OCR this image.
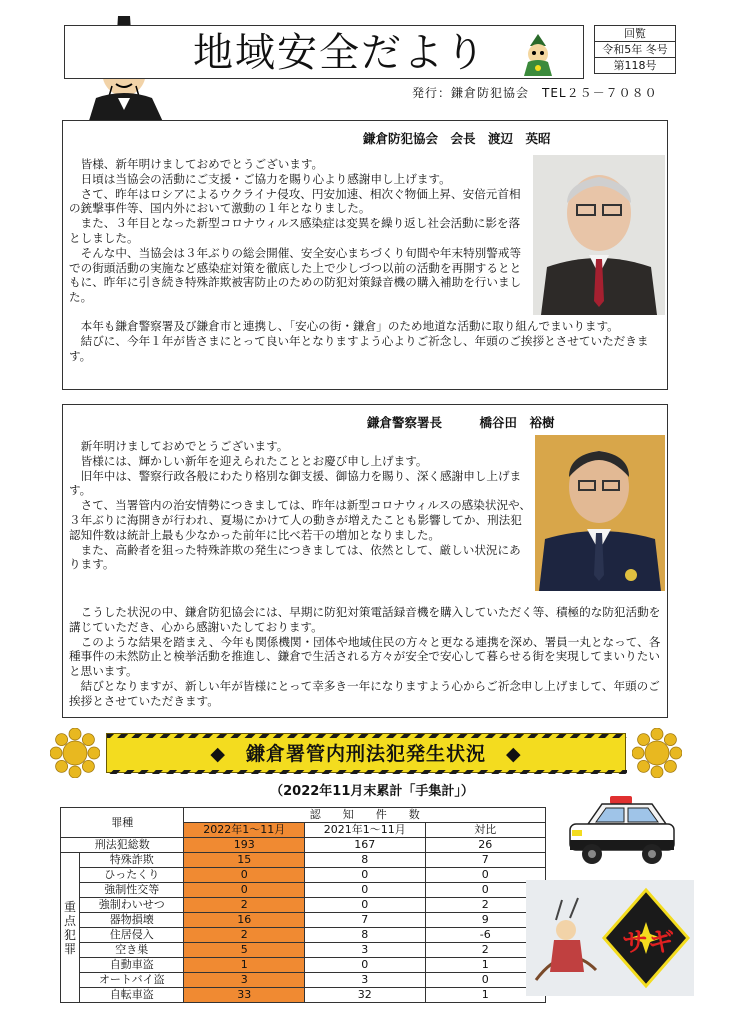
地域安全だより	回覧
令和5年 冬号
第118号
発行：鎌倉防犯協会　TEL２５－７０８０
鎌倉防犯協会　会長　渡辺　英昭

皆様、新年明けましておめでとうございます。

日頃は当協会の活動にご支援・ご協力を賜り心より感謝申し上げます。

さて、昨年はロシアによるウクライナ侵攻、円安加速、相次ぐ物価上昇、安倍元首相の銃撃事件等、国内外において激動の１年となりました。

また、３年目となった新型コロナウィルス感染症は変異を繰り返し社会活動に影を落としました。

そんな中、当協会は３年ぶりの総会開催、安全安心まちづくり旬間や年末特別警戒等での街頭活動の実施など感染症対策を徹底した上で少しづつ以前の活動を再開するとともに、昨年に引き続き特殊詐欺被害防止のための防犯対策録音機の購入補助を行いました。

本年も鎌倉警察署及び鎌倉市と連携し、「安心の街・鎌倉」のため地道な活動に取り組んでまいります。

結びに、今年１年が皆さまにとって良い年となりますよう心よりご祈念し、年頭のご挨拶とさせていただきます。

鎌倉警察署長　　　橋谷田　裕樹

新年明けましておめでとうございます。

皆様には、輝かしい新年を迎えられたこととお慶び申し上げます。

旧年中は、警察行政各般にわたり格別な御支援、御協力を賜り、深く感謝申し上げます。

さて、当署管内の治安情勢につきましては、昨年は新型コロナウィルスの感染状況や、３年ぶりに海開きが行われ、夏場にかけて人の動きが増えたことも影響してか、刑法犯認知件数は統計上最も少なかった前年に比べ若干の増加となりました。

また、高齢者を狙った特殊詐欺の発生につきましては、依然として、厳しい状況にあります。

こうした状況の中、鎌倉防犯協会には、早期に防犯対策電話録音機を購入していただく等、積極的な防犯活動を講じていただき、心から感謝いたしております。

このような結果を踏まえ、今年も関係機関・団体や地域住民の方々と更なる連携を深め、署員一丸となって、各種事件の未然防止と検挙活動を推進し、鎌倉で生活される方々が安全で安心して暮らせる街を実現してまいりたいと思います。

結びとなりますが、新しい年が皆様にとって幸多き一年になりますよう心からご祈念申し上げまして、年頭のご挨拶とさせていただきます。

◆　鎌倉署管内刑法犯発生状況　◆
（2022年11月末累計「手集計」）
罪種		認　　知　　件　　数		
		2022年1～11月	2021年1～11月	対比
刑法犯総数		193	167	26

重
点
犯
罪	特殊詐欺	15	8	7
	ひったくり	0	0	0
	強制性交等	0	0	0
	強制わいせつ	2	0	2
	器物損壊	16	7	9
	住居侵入	2	8	-6
	空き巣	5	3	2
	自動車盗	1	0	1
	オートバイ盗	3	3	0
	自転車盗	33	32	1
サギ
